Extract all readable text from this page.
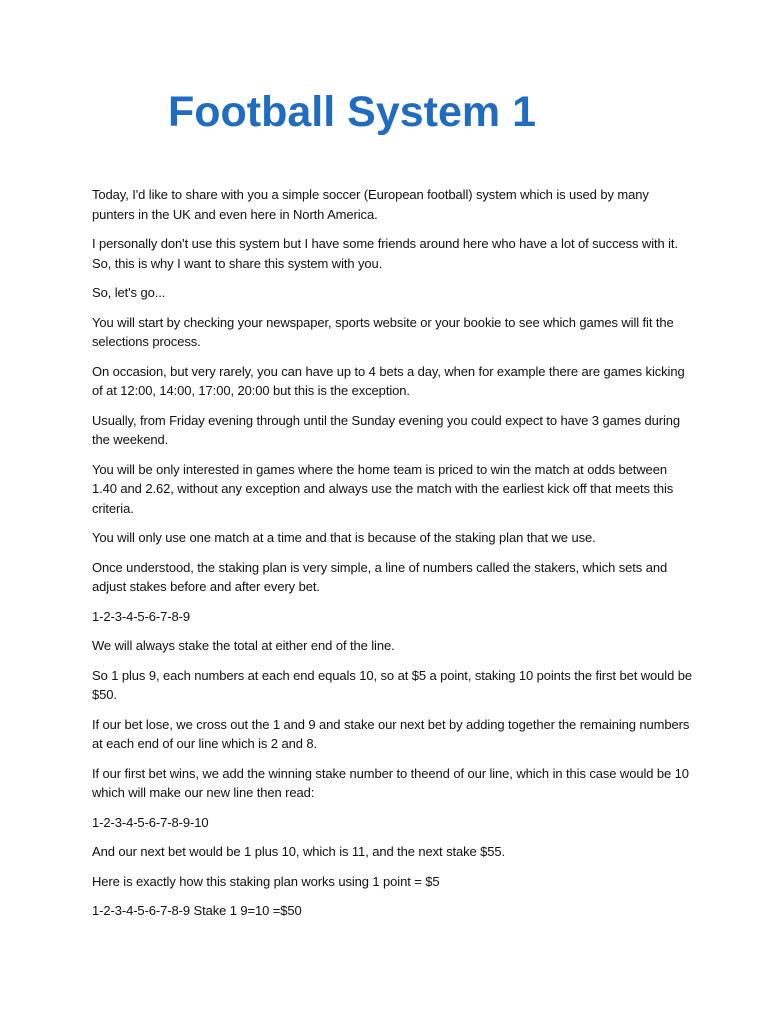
Football System 1

Today, I'd like to share with you a simple soccer (European football) system which is used by many punters in the UK and even here in North America.

I personally don't use this system but I have some friends around here who have a lot of success with it. So, this is why I want to share this system with you.

So, let's go...

You will start by checking your newspaper, sports website or your bookie to see which games will fit the selections process.

On occasion, but very rarely, you can have up to 4 bets a day, when for example there are games kicking of at 12:00, 14:00, 17:00, 20:00 but this is the exception.

Usually, from Friday evening through until the Sunday evening you could expect to have 3 games during the weekend.

You will be only interested in games where the home team is priced to win the match at odds between 1.40 and 2.62, without any exception and always use the match with the earliest kick off that meets this criteria.

You will only use one match at a time and that is because of the staking plan that we use.

Once understood, the staking plan is very simple, a line of numbers called the stakers, which sets and adjust stakes before and after every bet.

1-2-3-4-5-6-7-8-9

We will always stake the total at either end of the line.

So 1 plus 9, each numbers at each end equals 10, so at $5 a point, staking 10 points the first bet would be $50.

If our bet lose, we cross out the 1 and 9 and stake our next bet by adding together the remaining numbers at each end of our line which is 2 and 8.

If our first bet wins, we add the winning stake number to theend of our line, which in this case would be 10 which will make our new line then read:

1-2-3-4-5-6-7-8-9-10

And our next bet would be 1 plus 10, which is 11, and the next stake $55.

Here is exactly how this staking plan works using 1 point = $5

1-2-3-4-5-6-7-8-9 Stake 1 9=10 =$50
